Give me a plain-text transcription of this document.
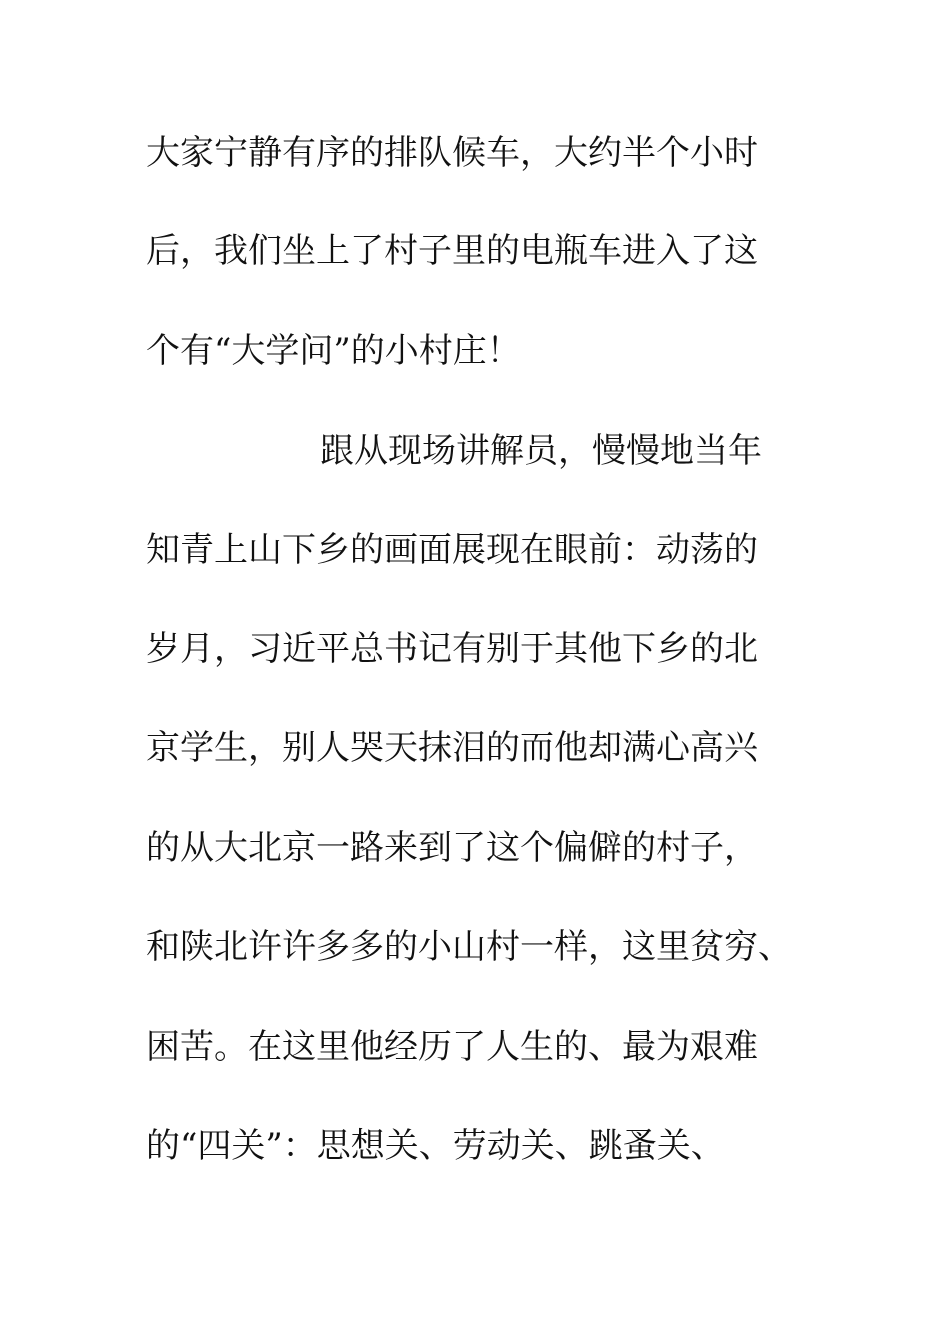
大家宁静有序的排队候车，大约半个小时
后，我们坐上了村子里的电瓶车进入了这
个有“大学问”的小村庄！
跟从现场讲解员，慢慢地当年
知青上山下乡的画面展现在眼前：动荡的
岁月，习近平总书记有别于其他下乡的北
京学生，别人哭天抹泪的而他却满心高兴
的从大北京一路来到了这个偏僻的村子，
和陕北许许多多的小山村一样，这里贫穷、
困苦。在这里他经历了人生的、最为艰难
的“四关”：思想关、劳动关、跳蚤关、
